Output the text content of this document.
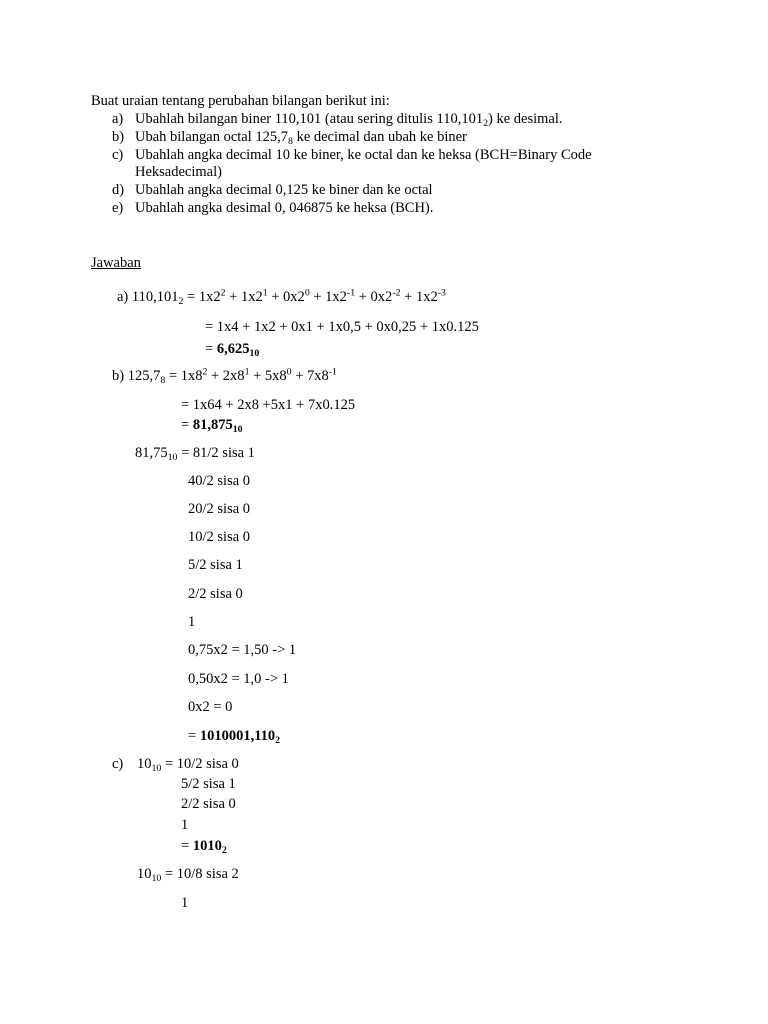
Buat uraian tentang perubahan bilangan berikut ini:
a) Ubahlah bilangan biner 110,101 (atau sering ditulis $110,101_2$) ke desimal.
b) Ubah bilangan octal $125,7_8$ ke decimal dan ubah ke biner
c) Ubahlah angka decimal 10 ke biner, ke octal dan ke heksa (BCH=Binary Code
Heksadecimal)
d) Ubahlah angka decimal 0,125 ke biner dan ke octal
e) Ubahlah angka desimal 0, 046875 ke heksa (BCH).
Jawaban
a) $110,101_2 = 1x2^2 + 1x2^1 + 0x2^0 + 1x2^{-1} + 0x2^{-2} + 1x2^{-3}$
= 1x4 + 1x2 + 0x1 + 1x0,5 + 0x0,25 + 1x0.125
= $6,625_{10}$
b) $125,7_8 = 1x8^2 + 2x8^1 + 5x8^0 + 7x8^{-1}$
= 1x64 + 2x8 +5x1 + 7x0.125
= $81,875_{10}$
$81,75_{10} = 81/2$ sisa 1
40/2 sisa 0
20/2 sisa 0
10/2 sisa 0
5/2 sisa 1
2/2 sisa 0
1
0,75x2 = 1,50 -> 1
0,50x2 = 1,0 -> 1
0x2 = 0
= $1010001,110_2$
c) $10_{10} = 10/2$ sisa 0
5/2 sisa 1
2/2 sisa 0
1
= $1010_2$
$10_{10} = 10/8$ sisa 2
1
